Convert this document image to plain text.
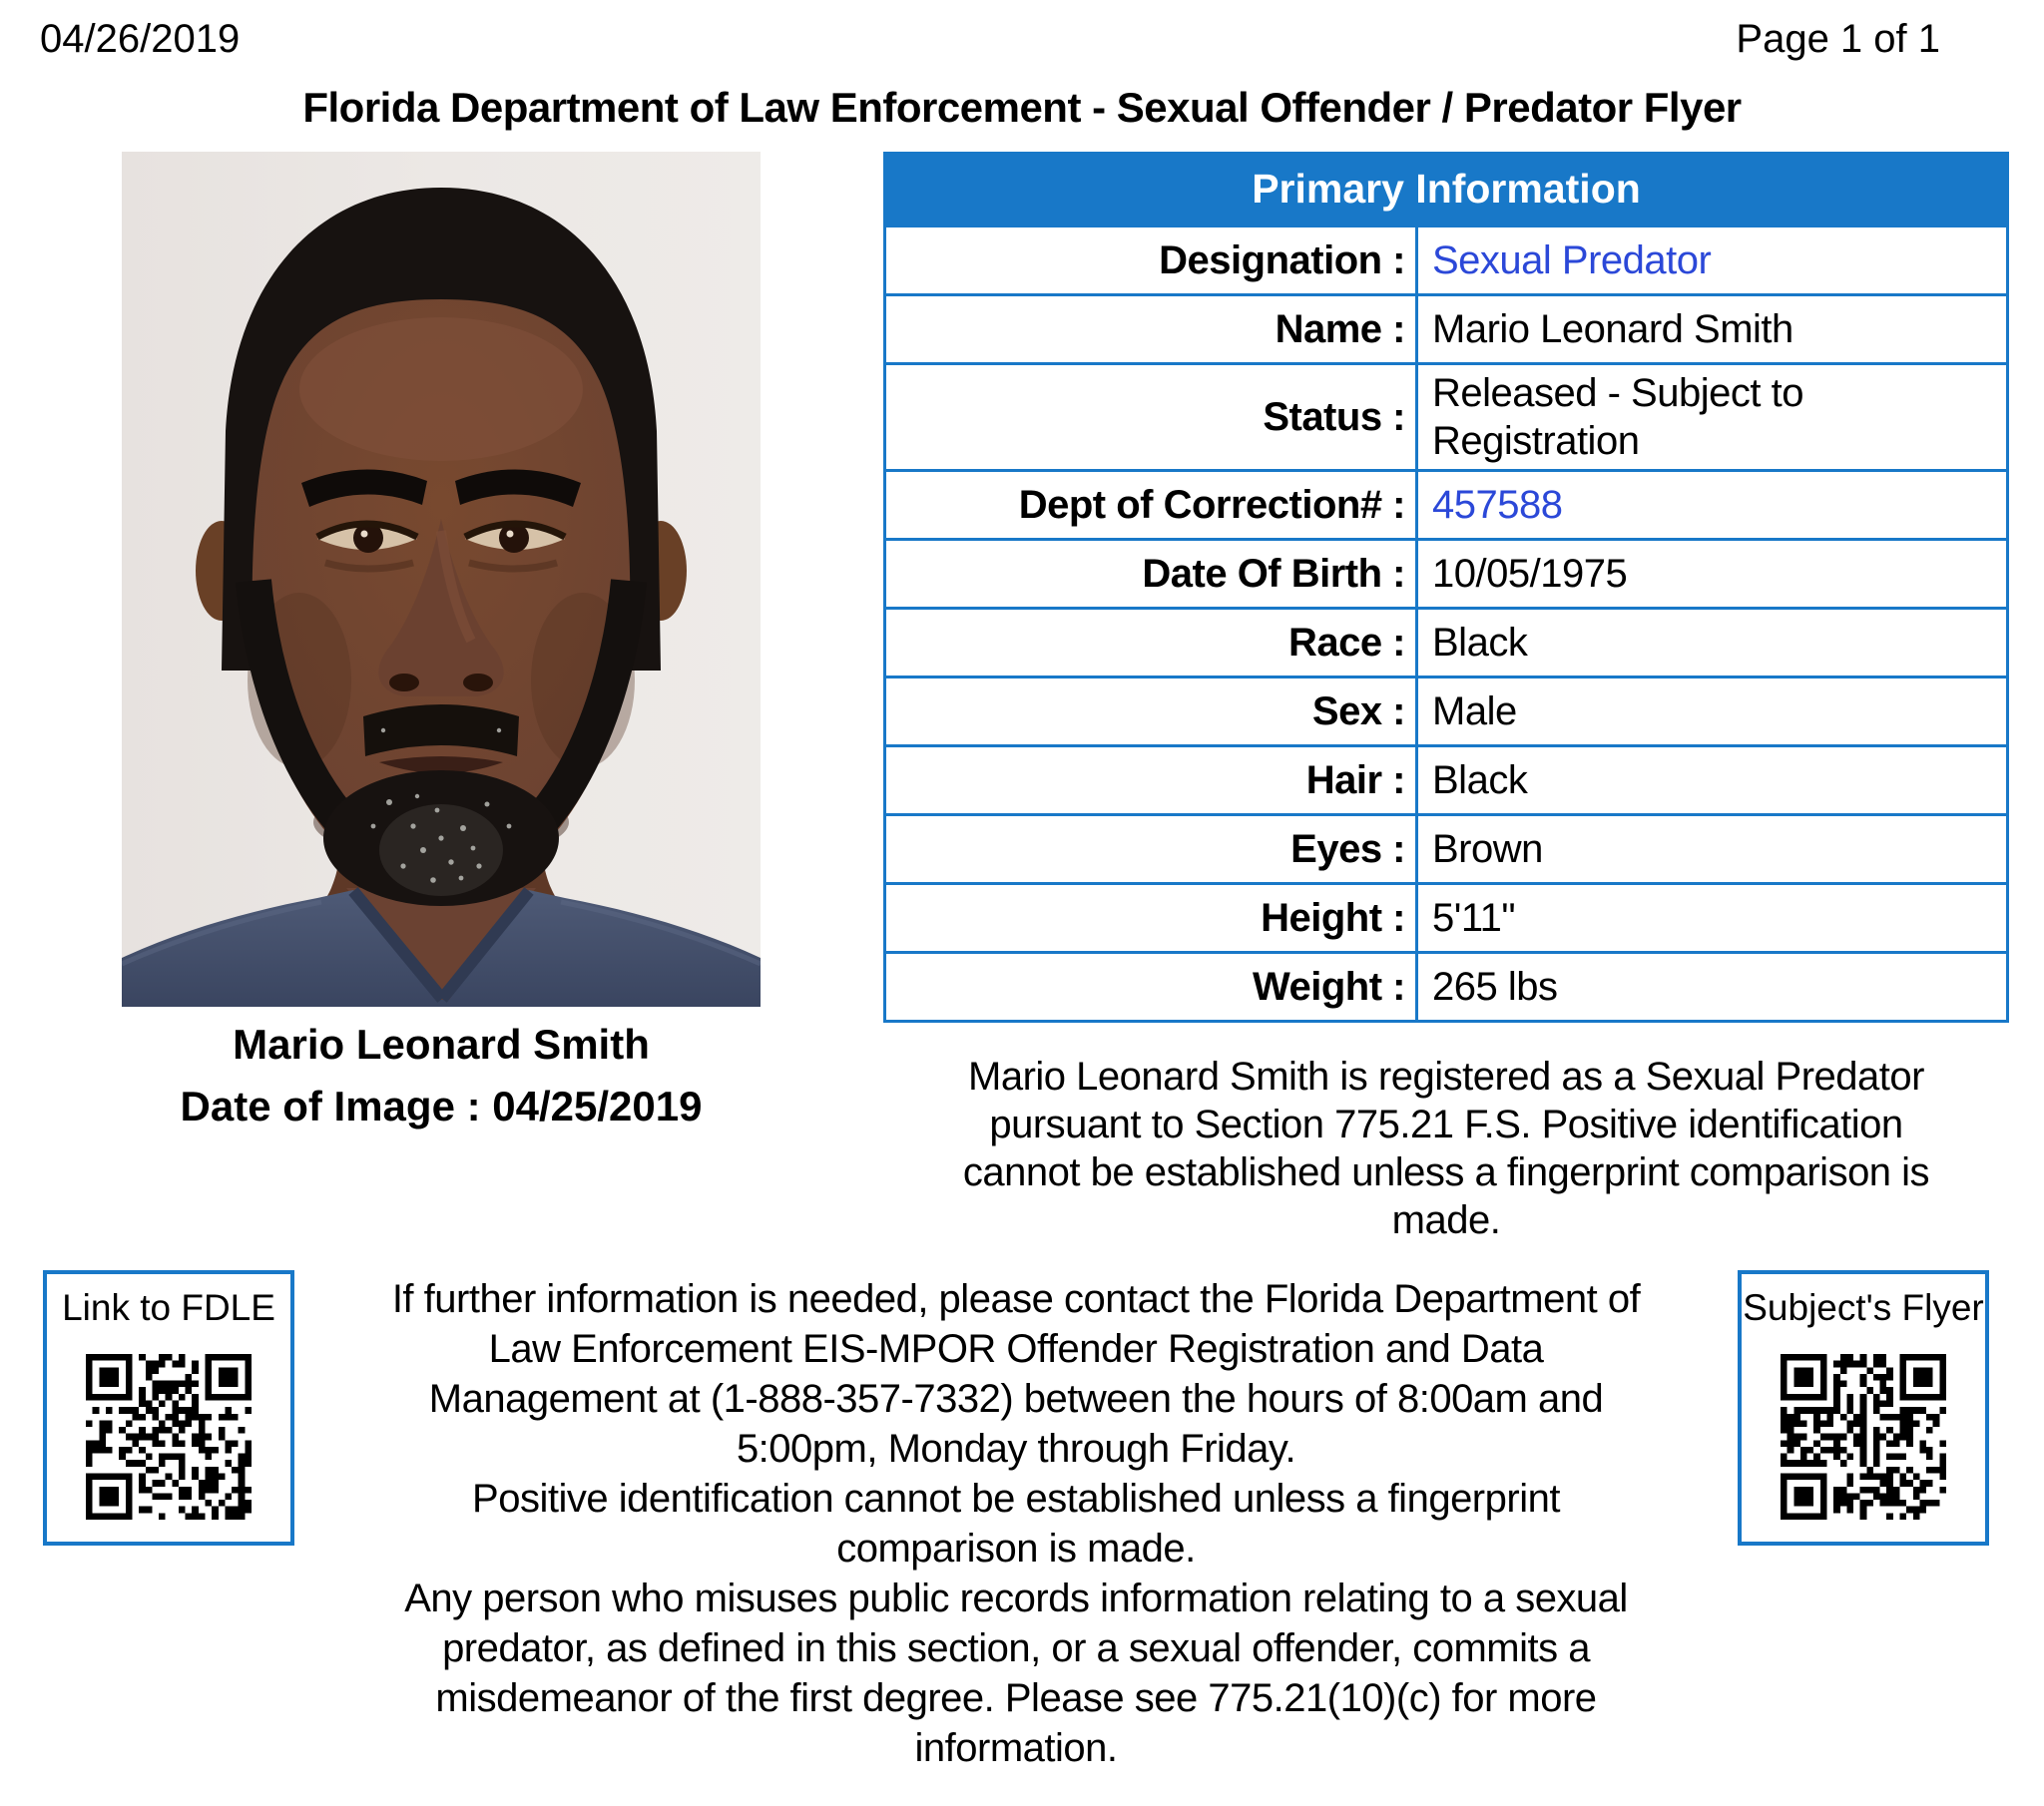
04/26/2019	Page 1 of 1
Florida Department of Law Enforcement - Sexual Offender / Predator Flyer
Mario Leonard Smith
Date of Image : 04/25/2019
Primary Information
Designation : Sexual Predator
Name : Mario Leonard Smith
Status :
Released - Subject to Registration
Dept of Correction# : 457588
Date Of Birth : 10/05/1975
Race : Black
Sex : Male
Hair : Black
Eyes : Brown
Height : 5'11"
Weight : 265 lbs
Mario Leonard Smith is registered as a Sexual Predator
pursuant to Section 775.21 F.S. Positive identification
cannot be established unless a fingerprint comparison is
made.
Link to FDLE	If further information is needed, please contact the Florida Department of
Law Enforcement EIS-MPOR Offender Registration and Data
Management at (1-888-357-7332) between the hours of 8:00am and
5:00pm, Monday through Friday.
Positive identification cannot be established unless a fingerprint
comparison is made.
Any person who misuses public records information relating to a sexual
predator, as defined in this section, or a sexual offender, commits a
misdemeanor of the first degree. Please see 775.21(10)(c) for more
information.
Subject's Flyer
